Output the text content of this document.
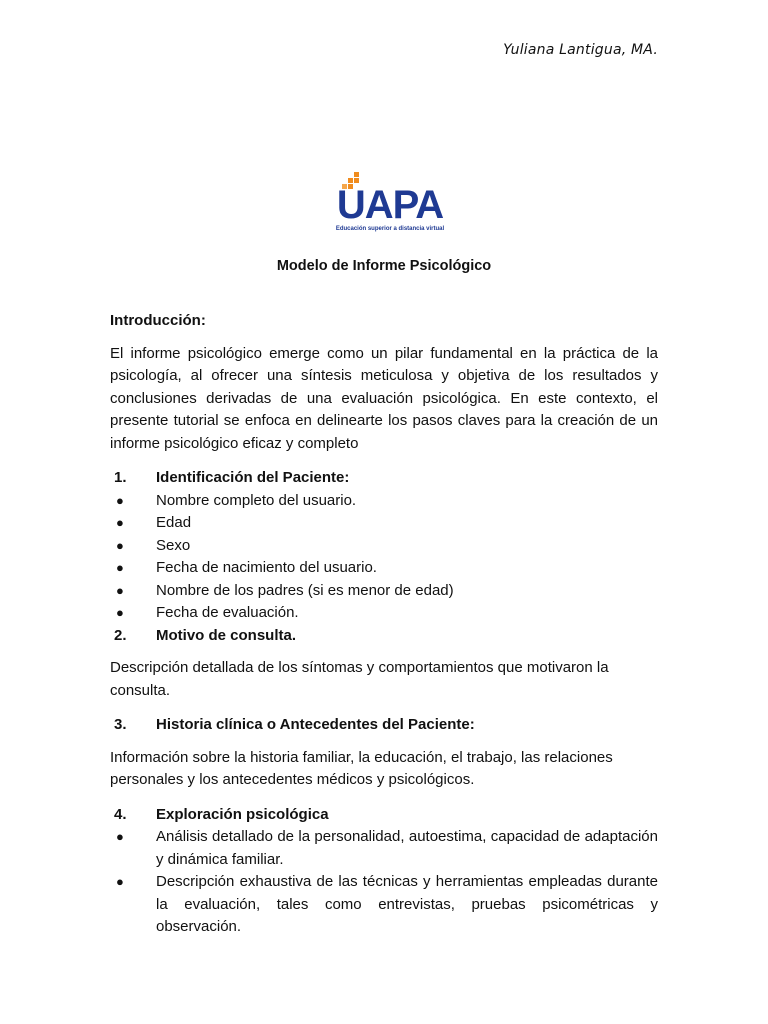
Yuliana Lantigua, MA.
UAPA
Educación superior a distancia virtual
Modelo de Informe Psicológico

Introducción:

El informe psicológico emerge como un pilar fundamental en la práctica de la psicología, al ofrecer una síntesis meticulosa y objetiva de los resultados y conclusiones derivadas de una evaluación psicológica. En este contexto, el presente tutorial se enfoca en delinearte los pasos claves para la creación de un informe psicológico eficaz y completo

1.	Identificación del Paciente:
●	Nombre completo del usuario.
●	Edad
●	Sexo
●	Fecha de nacimiento del usuario.
●	Nombre de los padres (si es menor de edad)
●	Fecha de evaluación.
2.	Motivo de consulta.

Descripción detallada de los síntomas y comportamientos que motivaron la consulta.

3.	Historia clínica o Antecedentes del Paciente:

Información sobre la historia familiar, la educación, el trabajo, las relaciones personales y los antecedentes médicos y psicológicos.

4.	Exploración psicológica
●	Análisis detallado de la personalidad, autoestima, capacidad de adaptación y dinámica familiar.
●	Descripción exhaustiva de las técnicas y herramientas empleadas durante la evaluación, tales como entrevistas, pruebas psicométricas y observación.
